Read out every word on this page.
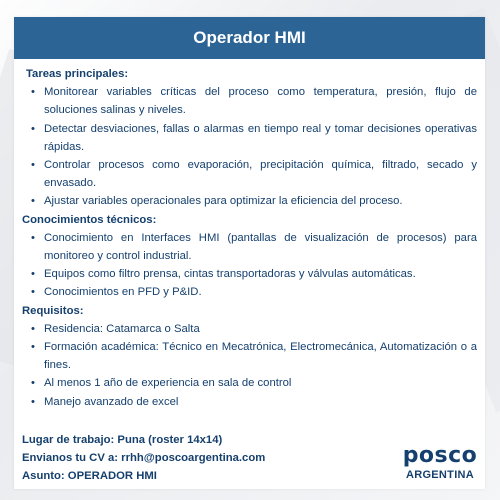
Operador HMI
Tareas principales:
• Monitorear variables críticas del proceso como temperatura, presión, flujo de soluciones salinas y niveles.
• Detectar desviaciones, fallas o alarmas en tiempo real y tomar decisiones operativas rápidas.
• Controlar procesos como evaporación, precipitación química, filtrado, secado y envasado.
• Ajustar variables operacionales para optimizar la eficiencia del proceso.
Conocimientos técnicos:
• Conocimiento en Interfaces HMI (pantallas de visualización de procesos) para monitoreo y control industrial.
• Equipos como filtro prensa, cintas transportadoras y válvulas automáticas.
• Conocimientos en PFD y P&ID.
Requisitos:
• Residencia: Catamarca o Salta
• Formación académica: Técnico en Mecatrónica, Electromecánica, Automatización o a fines.
• Al menos 1 año de experiencia en sala de control
• Manejo avanzado de excel
Lugar de trabajo: Puna (roster 14x14)
Envianos tu CV a: rrhh@poscoargentina.com
Asunto: OPERADOR HMI
posco
ARGENTINA
